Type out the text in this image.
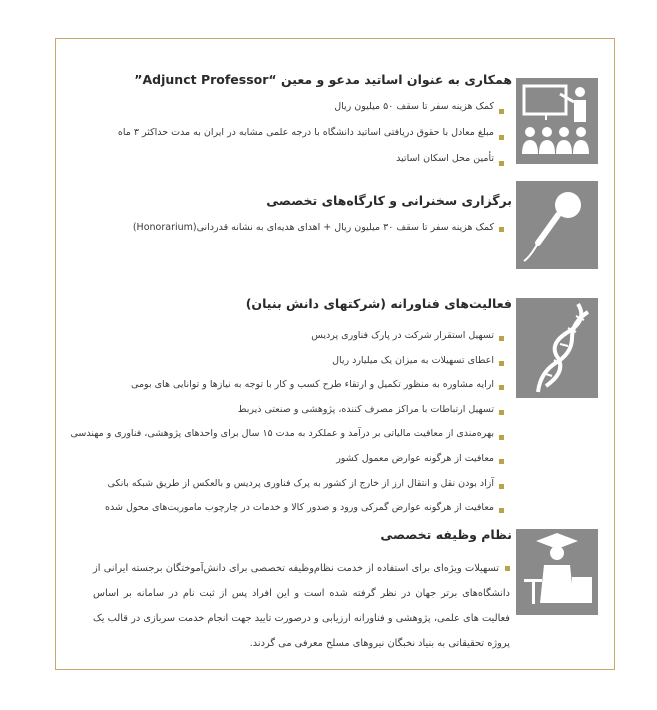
همکاری به عنوان اساتید مدعو و معین “Adjunct Professor”
کمک هزینه سفر تا سقف ۵۰ میلیون ریال
مبلغ معادل با حقوق دریافتی اساتید دانشگاه با درجه علمی مشابه در ایران به مدت حداکثر ۳ ماه
تأمین محل اسکان اساتید
برگزاری سخنرانی و کارگاه‌های تخصصی
کمک هزینه سفر تا سقف ۳۰ میلیون ریال + اهدای هدیه‌ای به نشانه قدردانی(Honorarium)
فعالیت‌های فناورانه (شرکتهای دانش بنیان)
تسهیل استقرار شرکت در پارک فناوری پردیس
اعطای تسهیلات به میزان یک میلیارد ریال
ارایه مشاوره به منظور تکمیل و ارتقاء طرح کسب و کار با توجه به نیازها و توانایی های بومی
تسهیل ارتباطات با مراکز مصرف کننده، پژوهشی و صنعتی ذیربط
بهره‌مندی از معافیت مالیاتی بر درآمد و عملکرد به مدت ۱۵ سال برای واحدهای پژوهشی، فناوری و مهندسی
معافیت از هرگونه عوارض معمول کشور
آزاد بودن نقل و انتقال ارز از خارج از کشور به پرک فناوری پردیس و بالعکس از طریق شبکه بانکی
معافیت از هرگونه عوارض گمرکی ورود و صدور کالا و خدمات در چارچوب ماموریت‌های محول شده
نظام وظیفه تخصصی
تسهیلات ویژه‌ای برای استفاده از خدمت نظام‌وظیفه تخصصی برای دانش‌آموختگان برجسته ایرانی از دانشگاه‌های برتر جهان در نظر گرفته شده است و این افراد پس از ثبت نام در سامانه بر اساس فعالیت های علمی، پژوهشی و فناورانه ارزیابی و درصورت تایید جهت انجام خدمت سربازی در قالب یک پروژه تحقیقاتی به بنیاد نخبگان نیروهای مسلح معرفی می گردند.
